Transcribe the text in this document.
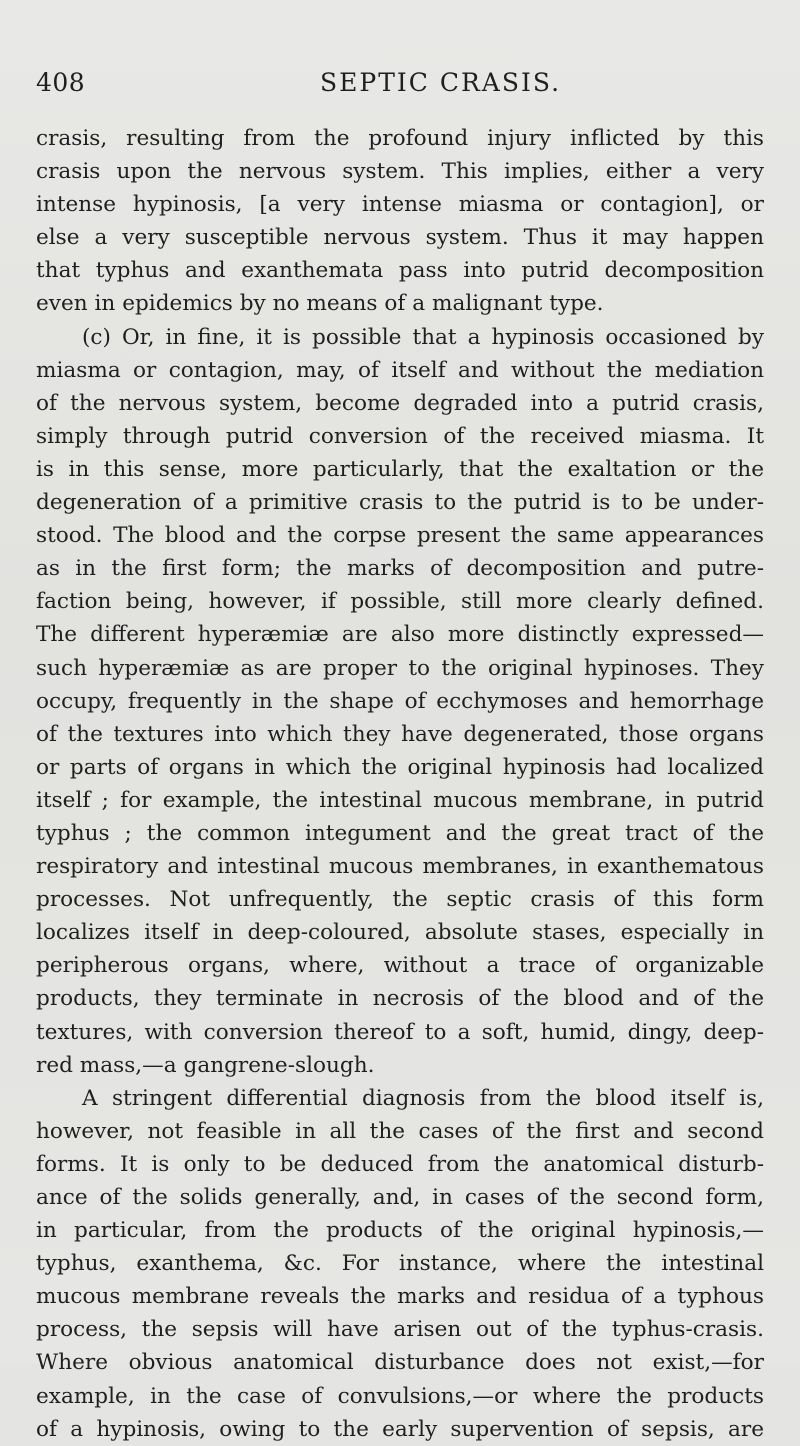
408	SEPTIC CRASIS.
crasis, resulting from the profound injury inflicted by this
crasis upon the nervous system. This implies, either a very
intense hypinosis, [a very intense miasma or contagion], or
else a very susceptible nervous system. Thus it may happen
that typhus and exanthemata pass into putrid decomposition
even in epidemics by no means of a malignant type.
(c) Or, in fine, it is possible that a hypinosis occasioned by
miasma or contagion, may, of itself and without the mediation
of the nervous system, become degraded into a putrid crasis,
simply through putrid conversion of the received miasma. It
is in this sense, more particularly, that the exaltation or the
degeneration of a primitive crasis to the putrid is to be under-
stood. The blood and the corpse present the same appearances
as in the first form; the marks of decomposition and putre-
faction being, however, if possible, still more clearly defined.
The different hyperæmiæ are also more distinctly expressed—
such hyperæmiæ as are proper to the original hypinoses. They
occupy, frequently in the shape of ecchymoses and hemorrhage
of the textures into which they have degenerated, those organs
or parts of organs in which the original hypinosis had localized
itself ; for example, the intestinal mucous membrane, in putrid
typhus ; the common integument and the great tract of the
respiratory and intestinal mucous membranes, in exanthematous
processes. Not unfrequently, the septic crasis of this form
localizes itself in deep-coloured, absolute stases, especially in
peripherous organs, where, without a trace of organizable
products, they terminate in necrosis of the blood and of the
textures, with conversion thereof to a soft, humid, dingy, deep-
red mass,—a gangrene-slough.
A stringent differential diagnosis from the blood itself is,
however, not feasible in all the cases of the first and second
forms. It is only to be deduced from the anatomical disturb-
ance of the solids generally, and, in cases of the second form,
in particular, from the products of the original hypinosis,—
typhus, exanthema, &c. For instance, where the intestinal
mucous membrane reveals the marks and residua of a typhous
process, the sepsis will have arisen out of the typhus-crasis.
Where obvious anatomical disturbance does not exist,—for
example, in the case of convulsions,—or where the products
of a hypinosis, owing to the early supervention of sepsis, are
